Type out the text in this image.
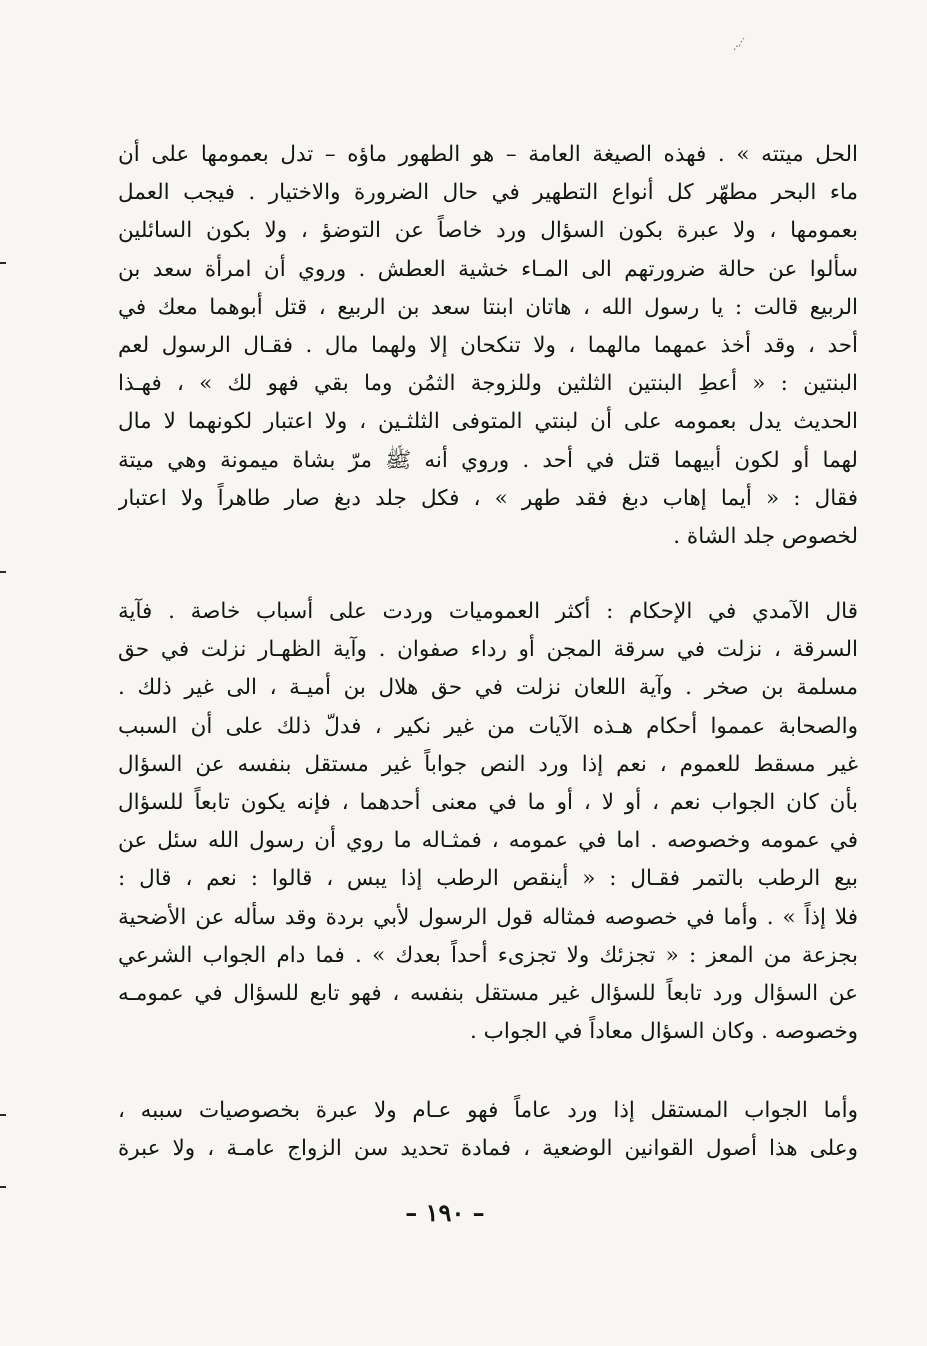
الحل ميتته » . فهذه الصيغة العامة – هو الطهور ماؤه – تدل بعمومها على أن
ماء البحر مطهّر كل أنواع التطهير في حال الضرورة والاختيار . فيجب العمل
بعمومها ، ولا عبرة بكون السؤال ورد خاصاً عن التوضؤ ، ولا بكون السائلين
سألوا عن حالة ضرورتهم الى المـاء خشية العطش . وروي أن امرأة سعد بن
الربيع قالت : يا رسول الله ، هاتان ابنتا سعد بن الربيع ، قتل أبوهما معك في
أحد ، وقد أخذ عمهما مالهما ، ولا تنكحان إلا ولهما مال . فقـال الرسول لعم
البنتين : « أعطِ البنتين الثلثين وللزوجة الثمُن وما بقي فهو لك » ، فهـذا
الحديث يدل بعمومه على أن لبنتي المتوفى الثلثـين ، ولا اعتبار لكونهما لا مال
لهما أو لكون أبيهما قتل في أحد . وروي أنه ﷺ مرّ بشاة ميمونة وهي ميتة
فقال : « أيما إهاب دبغ فقد طهر » ، فكل جلد دبغ صار طاهراً ولا اعتبار
لخصوص جلد الشاة .
قال الآمدي في الإحكام : أكثر العموميات وردت على أسباب خاصة . فآية
السرقة ، نزلت في سرقة المجن أو رداء صفوان . وآية الظهـار نزلت في حق
مسلمة بن صخر . وآية اللعان نزلت في حق هلال بن أميـة ، الى غير ذلك .
والصحابة عمموا أحكام هـذه الآيات من غير نكير ، فدلّ ذلك على أن السبب
غير مسقط للعموم ، نعم إذا ورد النص جواباً غير مستقل بنفسه عن السؤال
بأن كان الجواب نعم ، أو لا ، أو ما في معنى أحدهما ، فإنه يكون تابعاً للسؤال
في عمومه وخصوصه . اما في عمومه ، فمثـاله ما روي أن رسول الله سئل عن
بيع الرطب بالتمر فقـال : « أينقص الرطب إذا يبس ، قالوا : نعم ، قال :
فلا إذاً » . وأما في خصوصه فمثاله قول الرسول لأبي بردة وقد سأله عن الأضحية
بجزعة من المعز : « تجزئك ولا تجزىء أحداً بعدك » . فما دام الجواب الشرعي
عن السؤال ورد تابعاً للسؤال غير مستقل بنفسه ، فهو تابع للسؤال في عمومـه
وخصوصه . وكان السؤال معاداً في الجواب .
وأما الجواب المستقل إذا ورد عاماً فهو عـام ولا عبرة بخصوصيات سببه ،
وعلى هذا أصول القوانين الوضعية ، فمادة تحديد سن الزواج عامـة ، ولا عبرة
– ١٩٠ –
